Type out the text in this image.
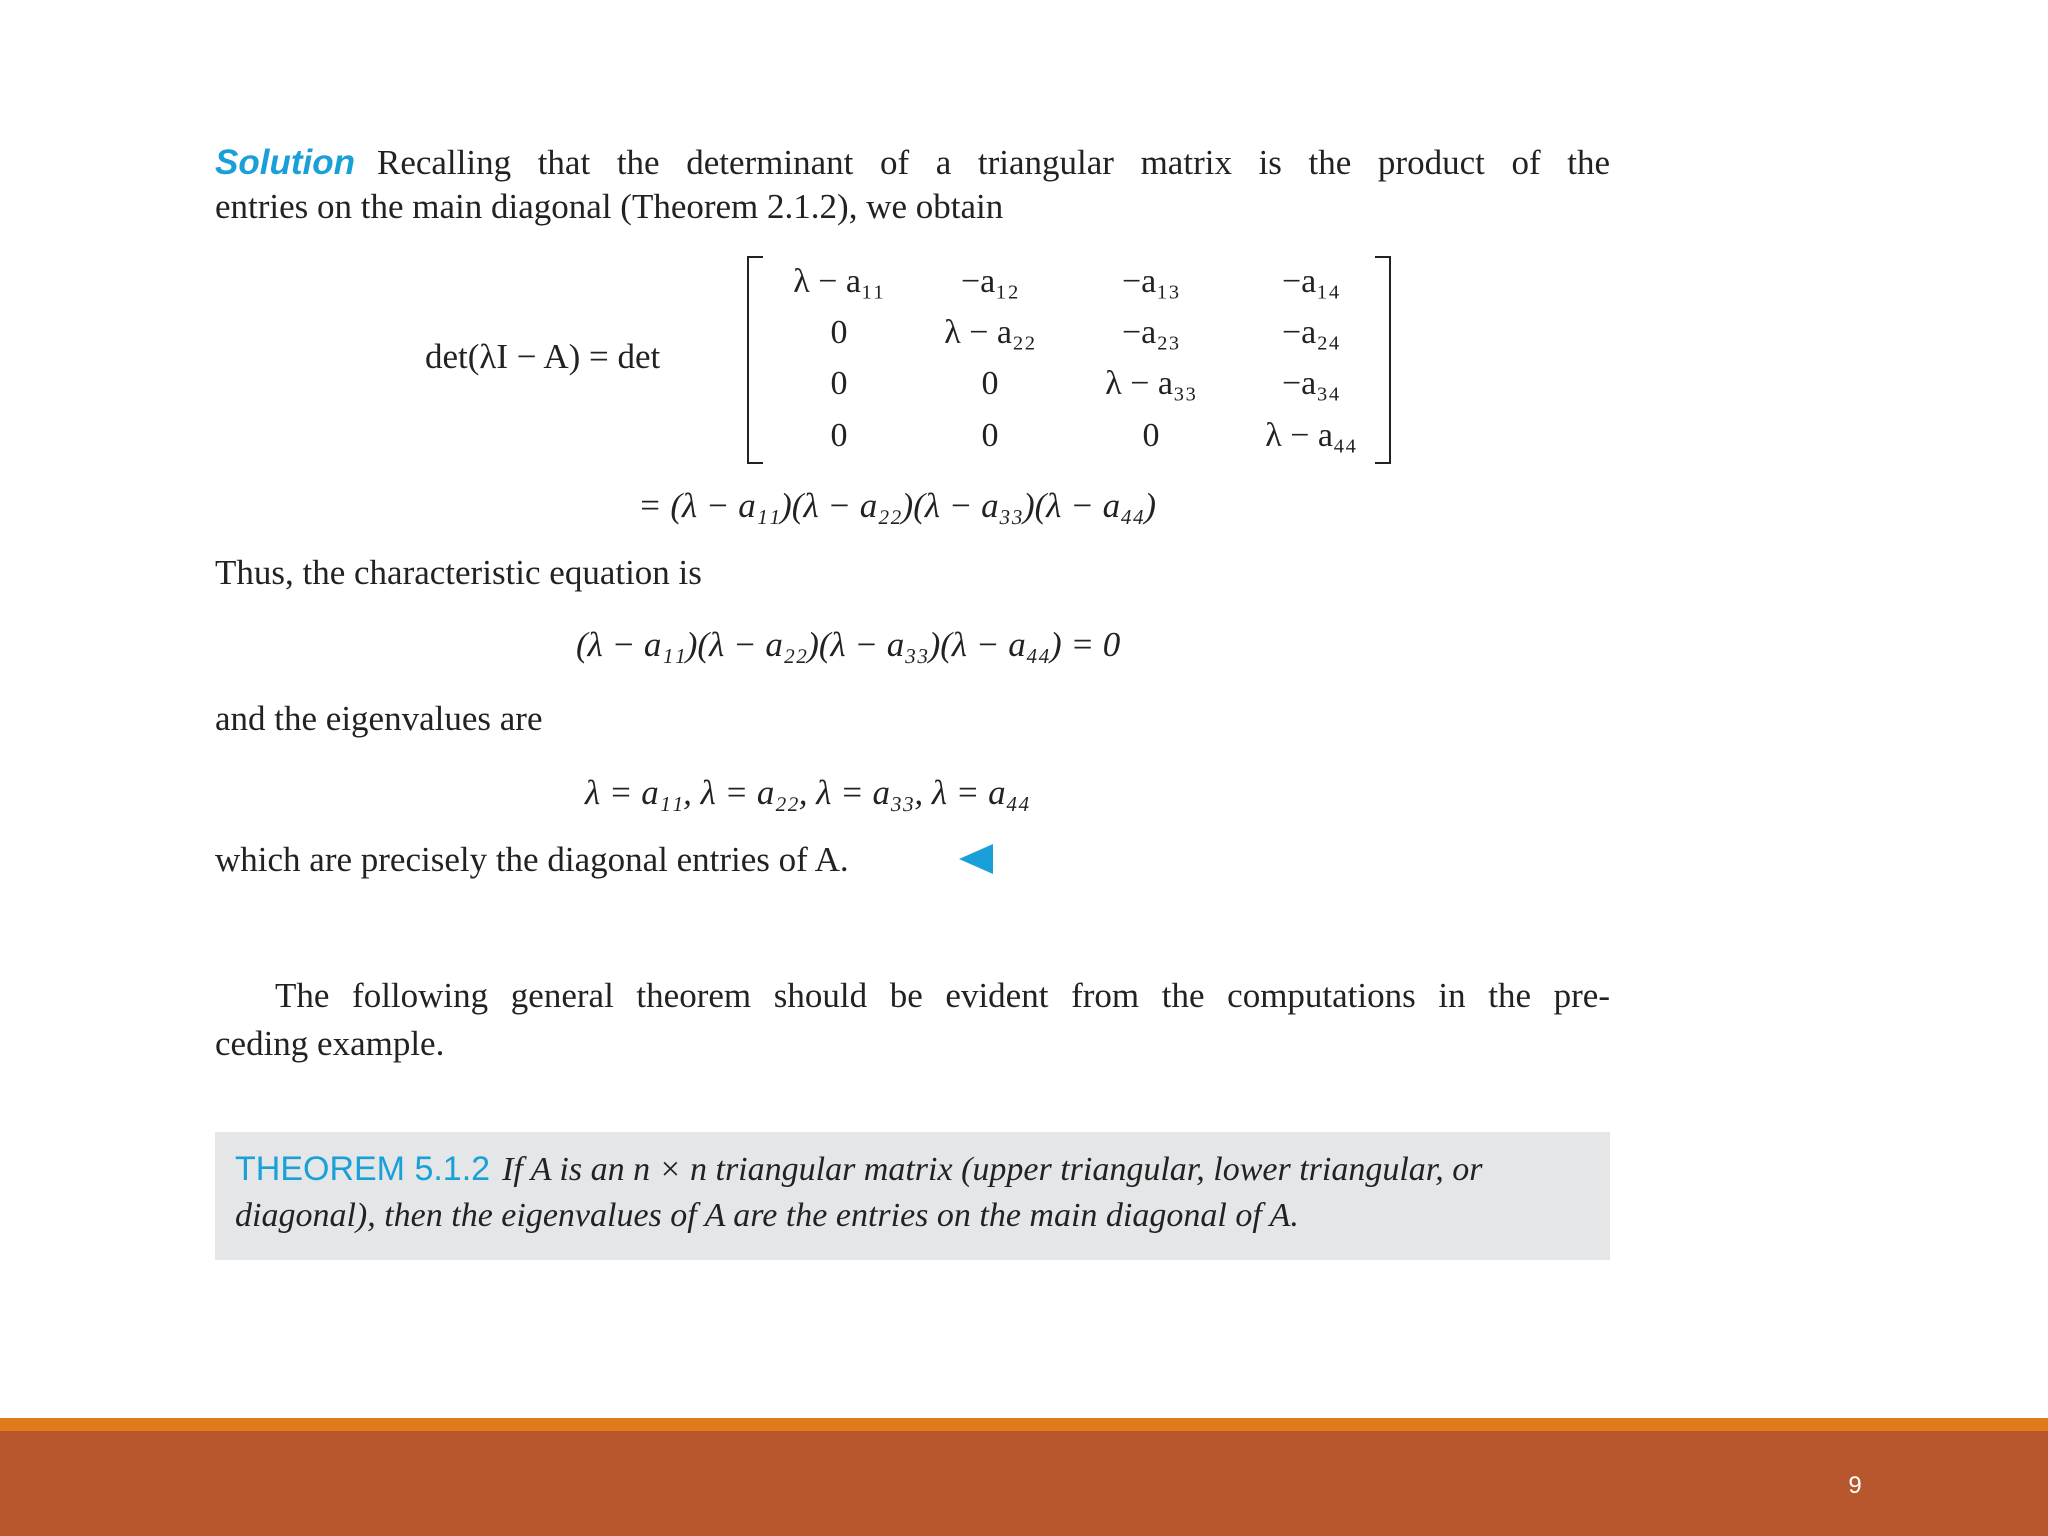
Solution Recalling that the determinant of a triangular matrix is the product of the
entries on the main diagonal (Theorem 2.1.2), we obtain
det(λI − A) = det
λ − a₁₁	−a₁₂	−a₁₃	−a₁₄
0	λ − a₂₂	−a₂₃	−a₂₄
0	0	λ − a₃₃	−a₃₄
0	0	0	λ − a₄₄
= (λ − a₁₁)(λ − a₂₂)(λ − a₃₃)(λ − a₄₄)
Thus, the characteristic equation is
(λ − a₁₁)(λ − a₂₂)(λ − a₃₃)(λ − a₄₄) = 0
and the eigenvalues are
λ = a₁₁, λ = a₂₂, λ = a₃₃, λ = a₄₄
which are precisely the diagonal entries of A.
The following general theorem should be evident from the computations in the pre-
ceding example.
THEOREM 5.1.2 If A is an n × n triangular matrix (upper triangular, lower triangular, or diagonal), then the eigenvalues of A are the entries on the main diagonal of A.
9
